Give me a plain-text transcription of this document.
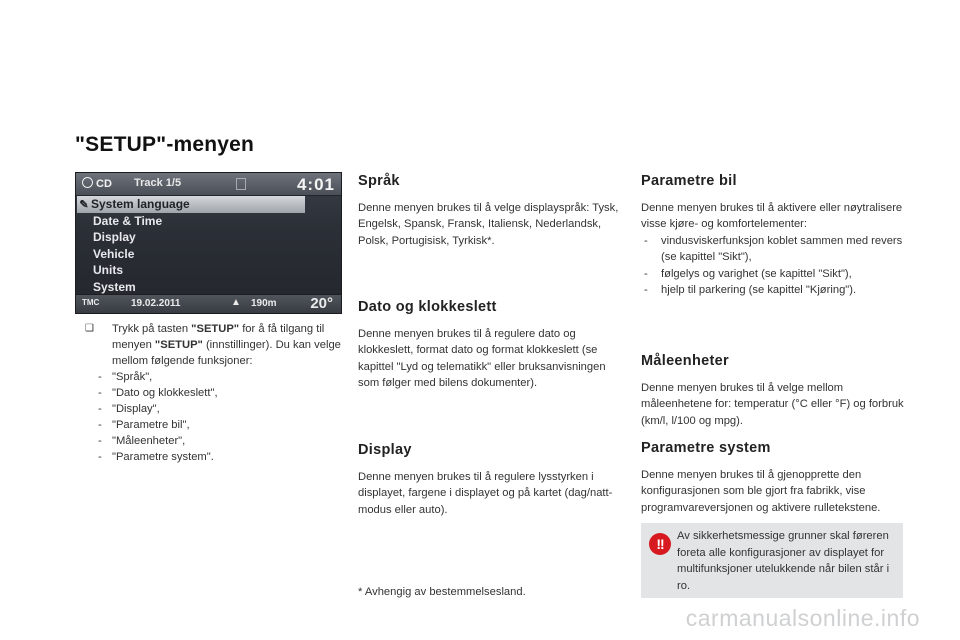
"SETUP"-menyen
CD Track 1/5	4:01
✎ System language
Date & Time
Display
Vehicle
Units
System
TMC	19.02.2011	▲ 190m 20°
❑ Trykk på tasten "SETUP" for å få tilgang til menyen "SETUP" (innstillinger). Du kan velge mellom følgende funksjoner:
- "Språk",
- "Dato og klokkeslett",
- "Display",
- "Parametre bil",
- "Måleenheter",
- "Parametre system".
Språk

Denne menyen brukes til å velge displayspråk: Tysk, Engelsk, Spansk, Fransk, Italiensk, Nederlandsk, Polsk, Portugisisk, Tyrkisk*.

Dato og klokkeslett

Denne menyen brukes til å regulere dato og klokkeslett, format dato og format klokkeslett (se kapittel "Lyd og telematikk" eller bruksanvisningen som følger med bilens dokumenter).

Display

Denne menyen brukes til å regulere lysstyrken i displayet, fargene i displayet og på kartet (dag/natt-modus eller auto).

* Avhengig av bestemmelsesland.
Parametre bil

Denne menyen brukes til å aktivere eller nøytralisere visse kjøre- og komfortelementer:

- vindusviskerfunksjon koblet sammen med revers (se kapittel "Sikt"),
- følgelys og varighet (se kapittel "Sikt"),
- hjelp til parkering (se kapittel "Kjøring").
Måleenheter

Denne menyen brukes til å velge mellom måleenhetene for: temperatur (°C eller °F) og forbruk (km/l, l/100 og mpg).

Parametre system

Denne menyen brukes til å gjenopprette den konfigurasjonen som ble gjort fra fabrikk, vise programvareversjonen og aktivere rulletekstene.

!!	Av sikkerhetsmessige grunner skal føreren foreta alle konfigurasjoner av displayet for multifunksjoner utelukkende når bilen står i ro.
carmanualsonline.info
